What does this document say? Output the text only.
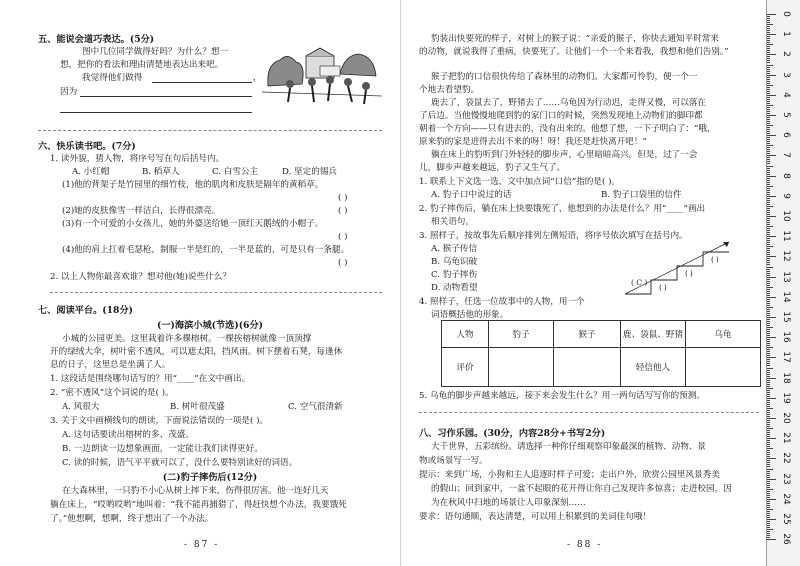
五、能说会道巧表达。(5分)
图中几位同学做得好吗？为什么？想一
想，把你的看法和理由清楚地表达出来吧。
我觉得他们做得	，
因为
六、快乐读书吧。(7分)
1. 读外貌，猜人物，将序号写在句后括号内。
A. 小红帽	B. 稻草人	C. 白雪公主	D. 坚定的锡兵
(1)他的背架子是竹园里的细竹枝，他的肌肉和皮肤是隔年的黄稻草。
( )
(2)她的皮肤像雪一样洁白，长得很漂亮。	( )
(3)有一个可爱的小女孩儿，她的外婆送给她一顶红天鹅绒的小帽子。
( )
(4)他的肩上扛着毛瑟枪，制服一半是红的，一半是蓝的，可是只有一条腿。
( )
2. 以上人物你最喜欢谁？想对他(她)说些什么？
七、阅读平台。(18分)
(一)海滨小城(节选)(6分)
小城的公园更美。这里栽着许多棵榕树。一棵挨榕树就像一顶顶撑
开的绿绒大伞，树叶密不透风，可以遮太阳，挡风雨。树下摆着石凳，每逢休
息的日子，这里总是坐满了人。
1. 这段话是围绕哪句话写的？用“____”在文中画出。
2. “密不透风”这个词说的是( )。
A. 风很大	B. 树叶很茂盛	C. 空气很清新
3. 关于文中画横线句的朗读，下面说法错误的一项是( )。
A. 这句话要读出榕树的多、茂盛。
B. 一边朗读一边想象画面，一定能让我们读得更好。
C. 读的时候，语气平平就可以了，没什么要特别读好的词语。
(二)豹子摔伤后(12分)
在大森林里，一只豹不小心从树上摔下来，伤得很厉害。他一连好几天
躺在床上，“哎哟哎哟”地叫着：“我不能再捕猎了，得赶快想个办法，我要饿死
了。”他想啊，想啊，终于想出了一个办法。
- 87 -
豹装出快要死的样子，对树上的猴子说：“亲爱的猴子，你快去通知平时常来
的动物，就说我得了重病，快要死了。让他们一个一个来看我，我想和他们告别。”
猴子把豹的口信很快传给了森林里的动物们。大家都可怜豹，便一个一
个地去看望豹。
鹿去了，袋鼠去了，野猪去了……乌龟因为行动迟，走得又慢，可以落在
了后边。当他慢慢地爬到豹的家门口的时候，突然发现地上动物们的脚印都
朝着一个方向——只有进去的，没有出来的。他想了想，一下子明白了：“哦，
原来豹的家是进得去出不来的呀！呀！我还是赶快离开吧！”
躺在床上的豹听到门外轻轻的脚步声，心里暗暗高兴。但是，过了一会
儿，脚步声越来越远，豹子又生气了。
1. 联系上下文选一选，文中加点词“口信”指的是( )。
A. 豹子口中说过的话	B. 豹子口袋里的信件
2. 豹子摔伤后，躺在床上快要饿死了，他想到的办法是什么？用“____”画出
相关语句。
3. 照样子，按故事先后顺序排列左侧短语，将序号依次填写在括号内。
A. 猴子传信
B. 乌龟识破
C. 豹子摔伤
D. 动物看望	( )
( )
( )
( C )
4. 照样子，任选一位故事中的人物，用一个
词语概括他的形象。
人物	豹子	猴子	鹿、袋鼠、野猪	乌龟
评价			轻信他人	
5. 乌龟的脚步声越来越远，接下来会发生什么？用一两句话写写你的预测。
八、习作乐园。(30分，内容28分+书写2分)
大千世界，五彩缤纷。请选择一种你仔细观察印象最深的植物、动物、景
物或场景写一写。
提示：来到广场，小狗和主人追逐时样子可爱；走出户外，欣赏公园里风景秀美
的假山；回到家中，一盆不起眼的花开得让你自己发现许多惊喜；走进校园，因
为在秋风中扫地的场景让人印象深刻……
要求：语句通顺，表达清楚，可以用上积累到的美词佳句哦！
- 88 -
0
1
2
3
4
5
6
7
8
9
10
11
12
13
14
15
16
17
18
19
20
21
22
23
24
25
26
